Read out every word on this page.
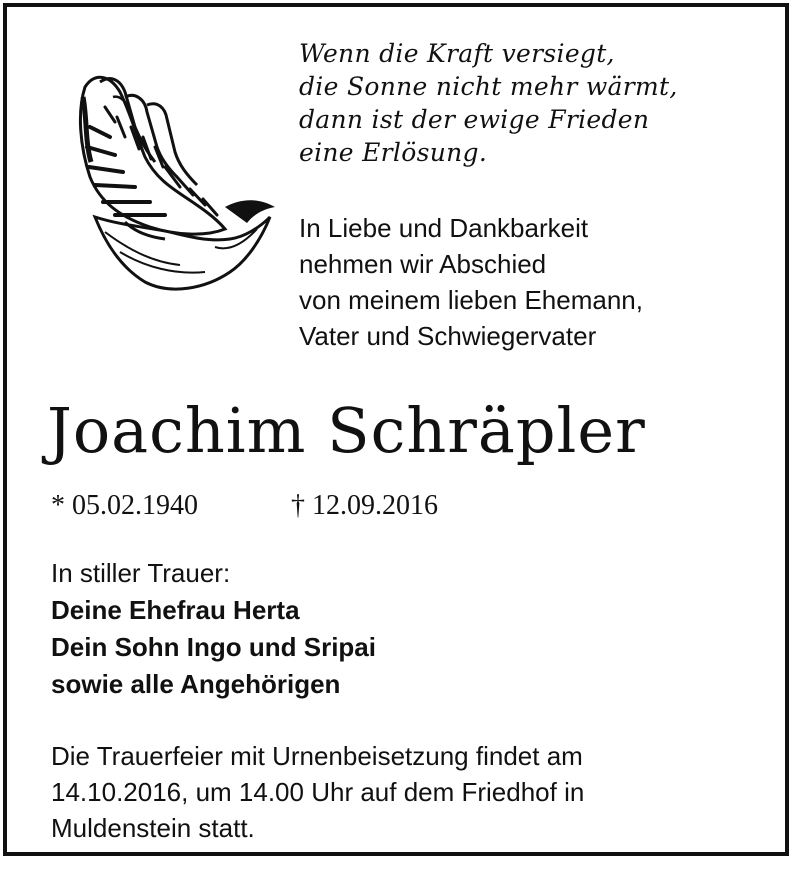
Wenn die Kraft versiegt,
die Sonne nicht mehr wärmt,
dann ist der ewige Frieden
eine Erlösung.
In Liebe und Dankbarkeit
nehmen wir Abschied
von meinem lieben Ehemann,
Vater und Schwiegervater
Joachim Schräpler
* 05.02.1940	† 12.09.2016
In stiller Trauer:
Deine Ehefrau Herta
Dein Sohn Ingo und Sripai
sowie alle Angehörigen
Die Trauerfeier mit Urnenbeisetzung findet am
14.10.2016, um 14.00 Uhr auf dem Friedhof in
Muldenstein statt.
